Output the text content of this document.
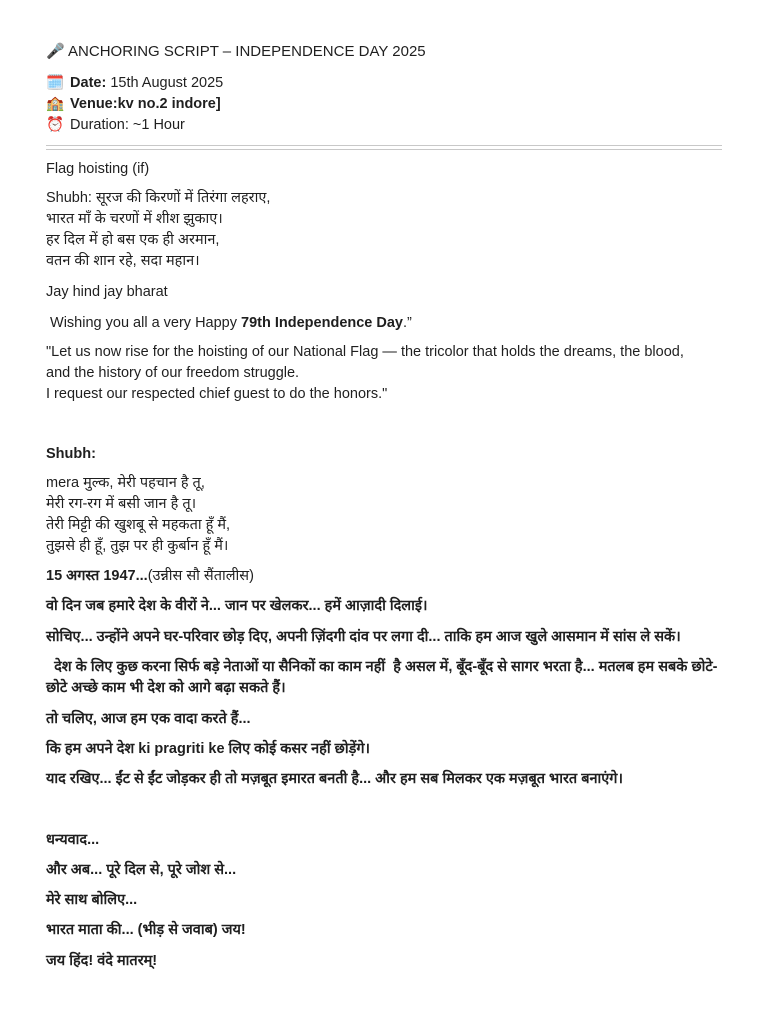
🎤 ANCHORING SCRIPT – INDEPENDENCE DAY 2025
🗓️ Date: 15th August 2025
🏫 Venue:kv no.2 indore]
⏰ Duration: ~1 Hour
Flag hoisting (if)
Shubh: सूरज की किरणों में तिरंगा लहराए,
भारत माँ के चरणों में शीश झुकाए।
हर दिल में हो बस एक ही अरमान,
वतन की शान रहे, सदा महान।
Jay hind jay bharat
Wishing you all a very Happy 79th Independence Day.”
"Let us now rise for the hoisting of our National Flag — the tricolor that holds the dreams, the blood, and the history of our freedom struggle.
I request our respected chief guest to do the honors."
Shubh:
mera मुल्क, मेरी पहचान है तू,
मेरी रग-रग में बसी जान है तू।
तेरी मिट्टी की खुशबू से महकता हूँ मैं,
तुझसे ही हूँ, तुझ पर ही कुर्बान हूँ मैं।
15 अगस्त 1947...(उन्नीस सौ सैंतालीस)
वो दिन जब हमारे देश के वीरों ने... जान पर खेलकर... हमें आज़ादी दिलाई।
सोचिए... उन्होंने अपने घर-परिवार छोड़ दिए, अपनी ज़िंदगी दांव पर लगा दी... ताकि हम आज खुले आसमान में सांस ले सकें।
देश के लिए कुछ करना सिर्फ बड़े नेताओं या सैनिकों का काम नहीं  है असल में, बूँद-बूँद से सागर भरता है... मतलब हम सबके छोटे-छोटे अच्छे काम भी देश को आगे बढ़ा सकते हैं।
तो चलिए, आज हम एक वादा करते हैं...
कि हम अपने देश ki pragriti ke लिए कोई कसर नहीं छोड़ेंगे।
याद रखिए... ईंट से ईंट जोड़कर ही तो मज़बूत इमारत बनती है... और हम सब मिलकर एक मज़बूत भारत बनाएंगे।
धन्यवाद...
और अब... पूरे दिल से, पूरे जोश से...
मेरे साथ बोलिए...
भारत माता की... (भीड़ से जवाब) जय!
जय हिंद! वंदे मातरम्!
